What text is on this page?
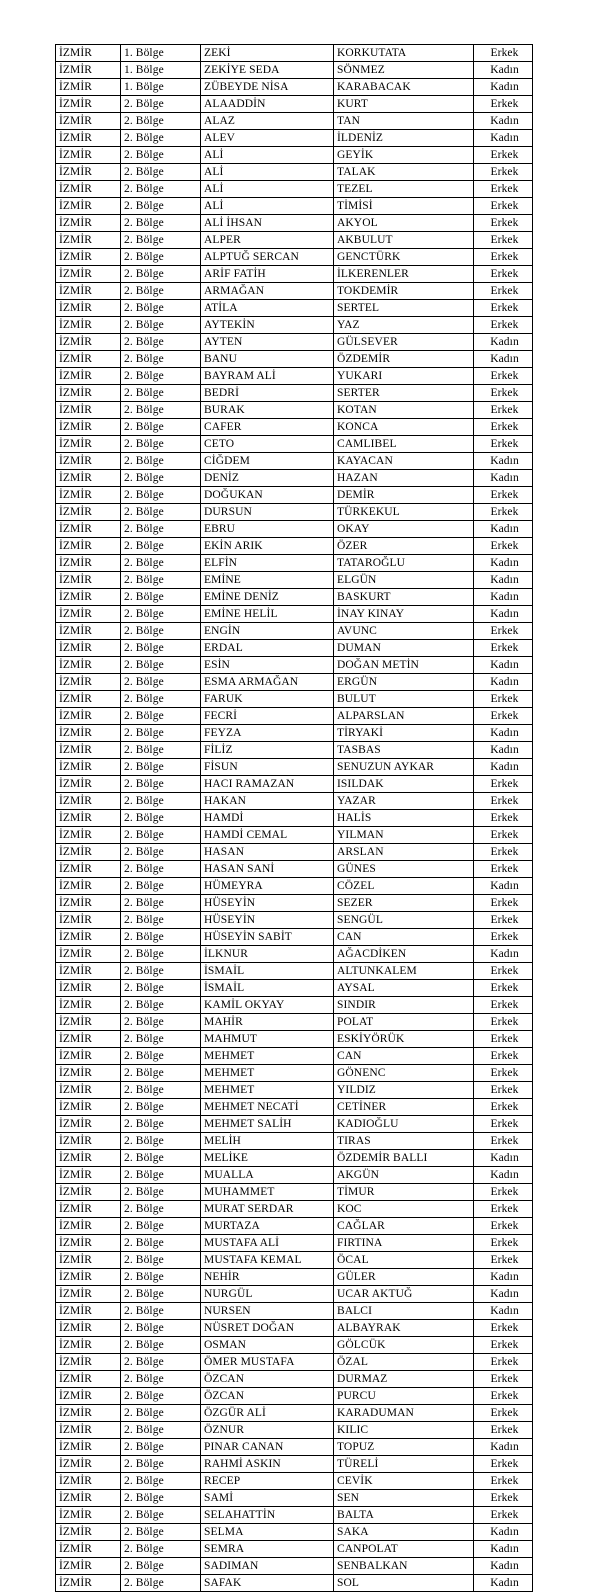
İZMİR	1. Bölge	ZEKİ	KORKUTATA	Erkek
İZMİR	1. Bölge	ZEKİYE SEDA	SÖNMEZ	Kadın
İZMİR	1. Bölge	ZÜBEYDE NİSA	KARABACAK	Kadın
İZMİR	2. Bölge	ALAADDİN	KURT	Erkek
İZMİR	2. Bölge	ALAZ	TAN	Kadın
İZMİR	2. Bölge	ALEV	İLDENİZ	Kadın
İZMİR	2. Bölge	ALİ	GEYİK	Erkek
İZMİR	2. Bölge	ALİ	TALAK	Erkek
İZMİR	2. Bölge	ALİ	TEZEL	Erkek
İZMİR	2. Bölge	ALİ	TİMİSİ	Erkek
İZMİR	2. Bölge	ALİ İHSAN	AKYOL	Erkek
İZMİR	2. Bölge	ALPER	AKBULUT	Erkek
İZMİR	2. Bölge	ALPTUĞ SERCAN	GENCTÜRK	Erkek
İZMİR	2. Bölge	ARİF FATİH	İLKERENLER	Erkek
İZMİR	2. Bölge	ARMAĞAN	TOKDEMİR	Erkek
İZMİR	2. Bölge	ATİLA	SERTEL	Erkek
İZMİR	2. Bölge	AYTEKİN	YAZ	Erkek
İZMİR	2. Bölge	AYTEN	GÜLSEVER	Kadın
İZMİR	2. Bölge	BANU	ÖZDEMİR	Kadın
İZMİR	2. Bölge	BAYRAM ALİ	YUKARI	Erkek
İZMİR	2. Bölge	BEDRİ	SERTER	Erkek
İZMİR	2. Bölge	BURAK	KOTAN	Erkek
İZMİR	2. Bölge	CAFER	KONCA	Erkek
İZMİR	2. Bölge	CETO	CAMLIBEL	Erkek
İZMİR	2. Bölge	CİĞDEM	KAYACAN	Kadın
İZMİR	2. Bölge	DENİZ	HAZAN	Kadın
İZMİR	2. Bölge	DOĞUKAN	DEMİR	Erkek
İZMİR	2. Bölge	DURSUN	TÜRKEKUL	Erkek
İZMİR	2. Bölge	EBRU	OKAY	Kadın
İZMİR	2. Bölge	EKİN ARIK	ÖZER	Erkek
İZMİR	2. Bölge	ELFİN	TATAROĞLU	Kadın
İZMİR	2. Bölge	EMİNE	ELGÜN	Kadın
İZMİR	2. Bölge	EMİNE DENİZ	BASKURT	Kadın
İZMİR	2. Bölge	EMİNE HELİL	İNAY KINAY	Kadın
İZMİR	2. Bölge	ENGİN	AVUNC	Erkek
İZMİR	2. Bölge	ERDAL	DUMAN	Erkek
İZMİR	2. Bölge	ESİN	DOĞAN METİN	Kadın
İZMİR	2. Bölge	ESMA ARMAĞAN	ERGÜN	Kadın
İZMİR	2. Bölge	FARUK	BULUT	Erkek
İZMİR	2. Bölge	FECRİ	ALPARSLAN	Erkek
İZMİR	2. Bölge	FEYZA	TİRYAKİ	Kadın
İZMİR	2. Bölge	FİLİZ	TASBAS	Kadın
İZMİR	2. Bölge	FİSUN	SENUZUN AYKAR	Kadın
İZMİR	2. Bölge	HACI RAMAZAN	ISILDAK	Erkek
İZMİR	2. Bölge	HAKAN	YAZAR	Erkek
İZMİR	2. Bölge	HAMDİ	HALİS	Erkek
İZMİR	2. Bölge	HAMDİ CEMAL	YILMAN	Erkek
İZMİR	2. Bölge	HASAN	ARSLAN	Erkek
İZMİR	2. Bölge	HASAN SANİ	GÜNES	Erkek
İZMİR	2. Bölge	HÜMEYRA	CÖZEL	Kadın
İZMİR	2. Bölge	HÜSEYİN	SEZER	Erkek
İZMİR	2. Bölge	HÜSEYİN	SENGÜL	Erkek
İZMİR	2. Bölge	HÜSEYİN SABİT	CAN	Erkek
İZMİR	2. Bölge	İLKNUR	AĞACDİKEN	Kadın
İZMİR	2. Bölge	İSMAİL	ALTUNKALEM	Erkek
İZMİR	2. Bölge	İSMAİL	AYSAL	Erkek
İZMİR	2. Bölge	KAMİL OKYAY	SINDIR	Erkek
İZMİR	2. Bölge	MAHİR	POLAT	Erkek
İZMİR	2. Bölge	MAHMUT	ESKİYÖRÜK	Erkek
İZMİR	2. Bölge	MEHMET	CAN	Erkek
İZMİR	2. Bölge	MEHMET	GÖNENC	Erkek
İZMİR	2. Bölge	MEHMET	YILDIZ	Erkek
İZMİR	2. Bölge	MEHMET NECATİ	CETİNER	Erkek
İZMİR	2. Bölge	MEHMET SALİH	KADIOĞLU	Erkek
İZMİR	2. Bölge	MELİH	TIRAS	Erkek
İZMİR	2. Bölge	MELİKE	ÖZDEMİR BALLI	Kadın
İZMİR	2. Bölge	MUALLA	AKGÜN	Kadın
İZMİR	2. Bölge	MUHAMMET	TİMUR	Erkek
İZMİR	2. Bölge	MURAT SERDAR	KOC	Erkek
İZMİR	2. Bölge	MURTAZA	CAĞLAR	Erkek
İZMİR	2. Bölge	MUSTAFA ALİ	FIRTINA	Erkek
İZMİR	2. Bölge	MUSTAFA KEMAL	ÖCAL	Erkek
İZMİR	2. Bölge	NEHİR	GÜLER	Kadın
İZMİR	2. Bölge	NURGÜL	UCAR AKTUĞ	Kadın
İZMİR	2. Bölge	NURSEN	BALCI	Kadın
İZMİR	2. Bölge	NÜSRET DOĞAN	ALBAYRAK	Erkek
İZMİR	2. Bölge	OSMAN	GÖLCÜK	Erkek
İZMİR	2. Bölge	ÖMER MUSTAFA	ÖZAL	Erkek
İZMİR	2. Bölge	ÖZCAN	DURMAZ	Erkek
İZMİR	2. Bölge	ÖZCAN	PURCU	Erkek
İZMİR	2. Bölge	ÖZGÜR ALİ	KARADUMAN	Erkek
İZMİR	2. Bölge	ÖZNUR	KILIC	Erkek
İZMİR	2. Bölge	PINAR CANAN	TOPUZ	Kadın
İZMİR	2. Bölge	RAHMİ ASKIN	TÜRELİ	Erkek
İZMİR	2. Bölge	RECEP	CEVİK	Erkek
İZMİR	2. Bölge	SAMİ	SEN	Erkek
İZMİR	2. Bölge	SELAHATTİN	BALTA	Erkek
İZMİR	2. Bölge	SELMA	SAKA	Kadın
İZMİR	2. Bölge	SEMRA	CANPOLAT	Kadın
İZMİR	2. Bölge	SADIMAN	SENBALKAN	Kadın
İZMİR	2. Bölge	SAFAK	SOL	Kadın
